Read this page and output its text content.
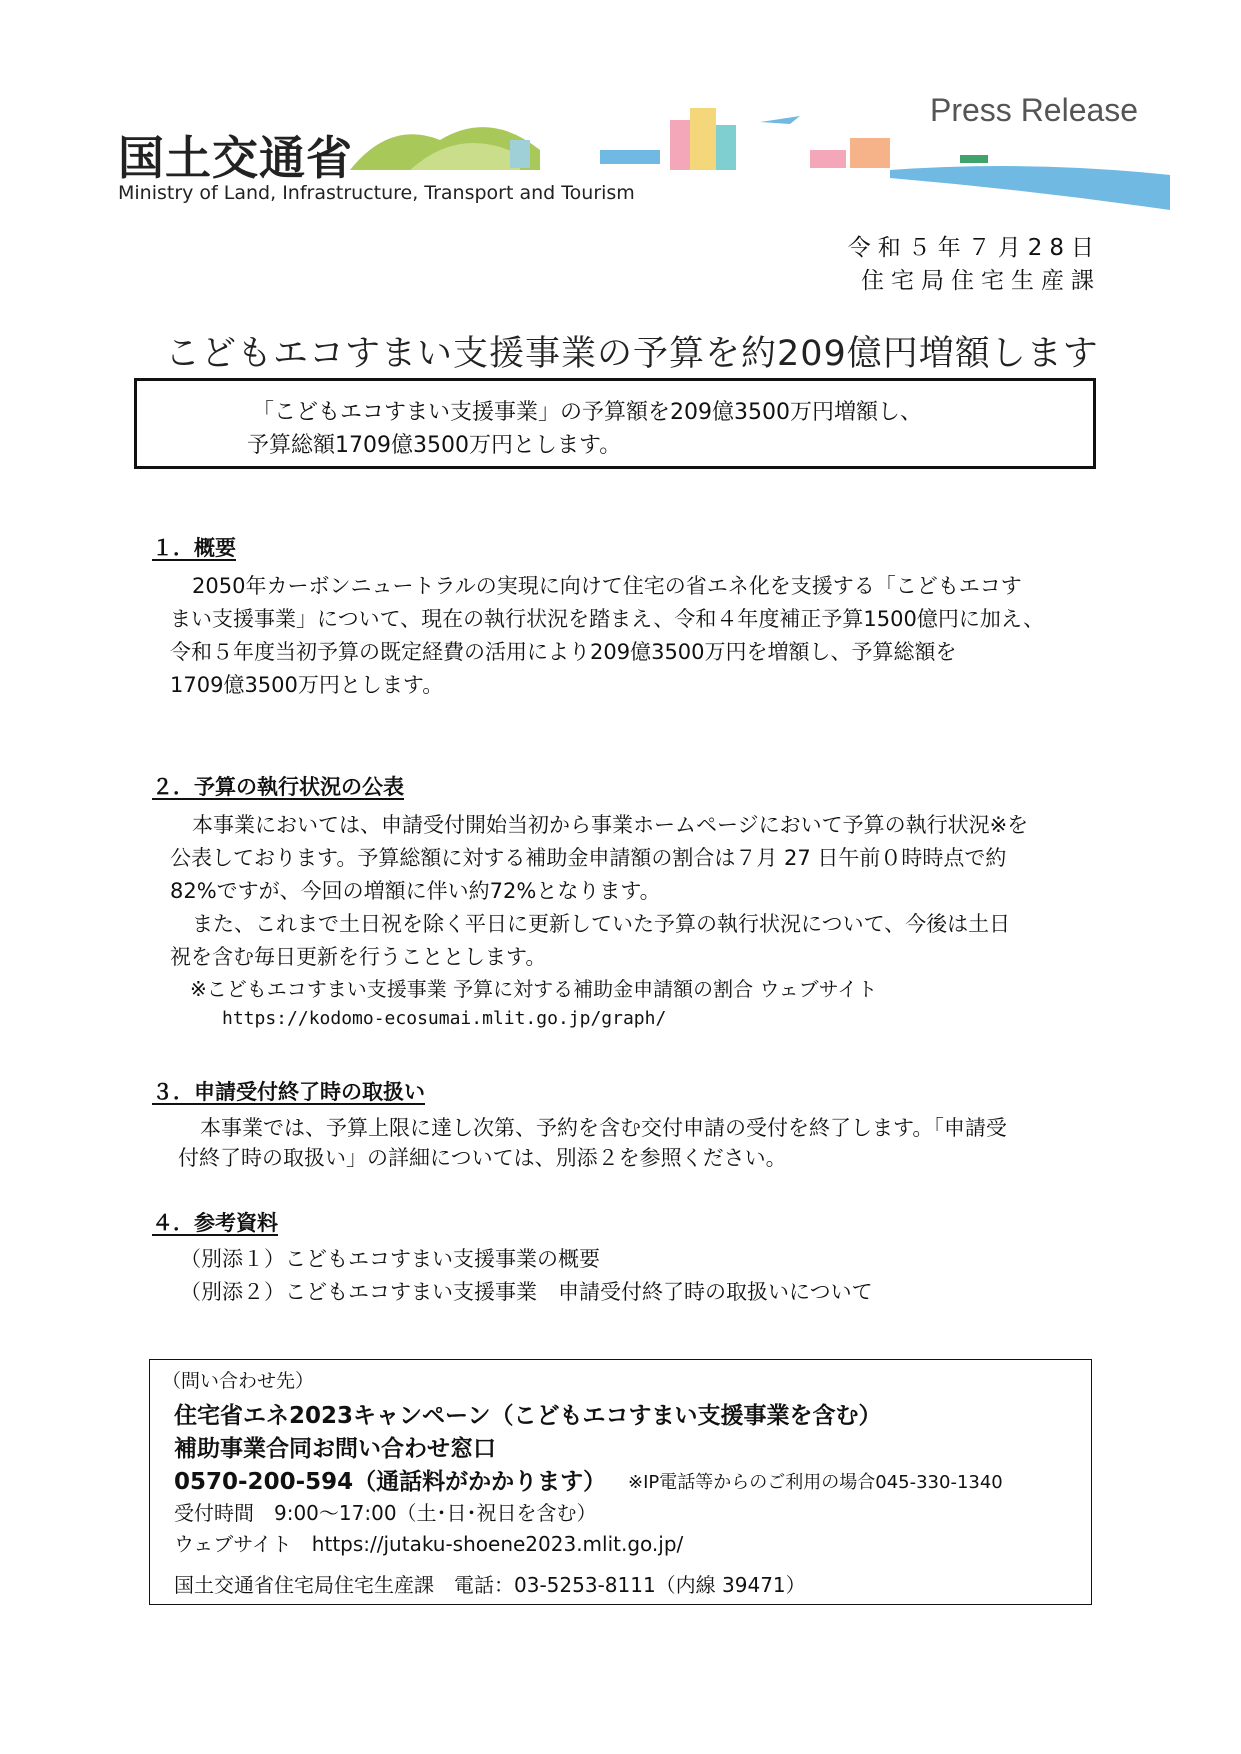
国土交通省
Ministry of Land, Infrastructure, Transport and Tourism
Press Release
令和５年７月28日
住宅局住宅生産課
こどもエコすまい支援事業の予算を約209億円増額します
「こどもエコすまい支援事業」の予算額を209億3500万円増額し、
予算総額1709億3500万円とします。
１．概要

2050年カーボンニュートラルの実現に向けて住宅の省エネ化を支援する「こどもエコす

まい支援事業」について、現在の執行状況を踏まえ、令和４年度補正予算1500億円に加え、

令和５年度当初予算の既定経費の活用により209億3500万円を増額し、予算総額を

1709億3500万円とします。

２．予算の執行状況の公表

本事業においては、申請受付開始当初から事業ホームページにおいて予算の執行状況※を

公表しております。予算総額に対する補助金申請額の割合は７月 27 日午前０時時点で約

82%ですが、今回の増額に伴い約72%となります。

また、これまで土日祝を除く平日に更新していた予算の執行状況について、今後は土日

祝を含む毎日更新を行うこととします。

※こどもエコすまい支援事業 予算に対する補助金申請額の割合 ウェブサイト

https://kodomo-ecosumai.mlit.go.jp/graph/

３．申請受付終了時の取扱い

本事業では、予算上限に達し次第、予約を含む交付申請の受付を終了します。「申請受

付終了時の取扱い」の詳細については、別添２を参照ください。

４．参考資料

（別添１）こどもエコすまい支援事業の概要

（別添２）こどもエコすまい支援事業　申請受付終了時の取扱いについて

（問い合わせ先）
住宅省エネ2023キャンペーン（こどもエコすまい支援事業を含む）
補助事業合同お問い合わせ窓口
0570-200-594（通話料がかかります） ※IP電話等からのご利用の場合045-330-1340
受付時間　9:00～17:00（土･日･祝日を含む）
ウェブサイト　https://jutaku-shoene2023.mlit.go.jp/
国土交通省住宅局住宅生産課　電話：03-5253-8111（内線 39471）
